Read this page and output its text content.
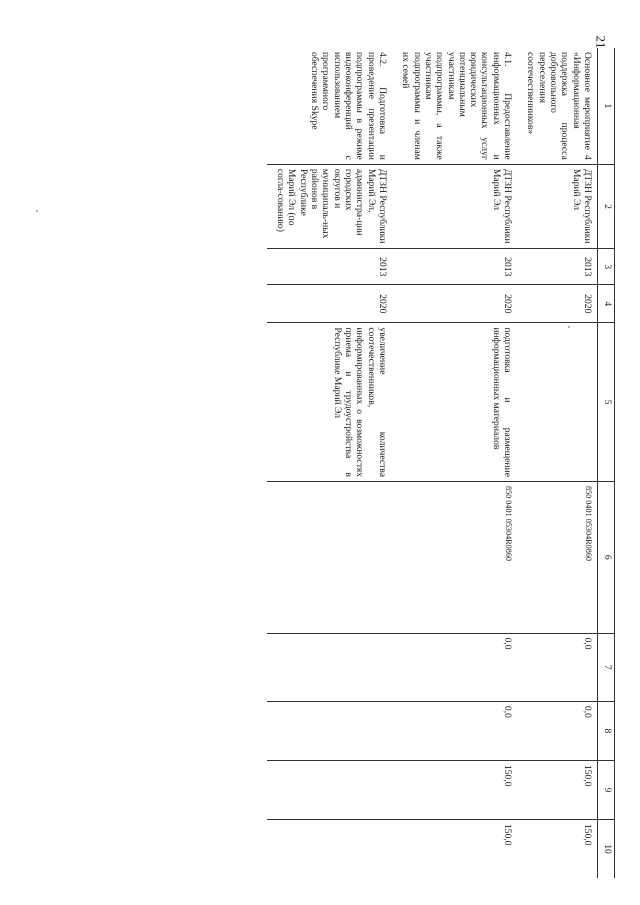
21
1	2	3	4	5	6	7	8	9	10
Основное мероприятие 4 «Информационная поддержка процесса добровольного переселения соотечественников»	ДТЗН Республики Марий Эл	2013	2020		850 0401 05304R0860	0,0	0,0	150,0	150,0
4.1. Предоставление информационных и консультационных услуг юридических потенциальным участникам подпрограммы, а также участникам подпрограммы и членам их семей	ДТЗН Республики Марий Эл	2013	2020	подготовка и размещение информационных материалов	850 0401 05304R0860	0,0	0,0	150,0	150,0
4.2. Подготовка и проведение презентации подпрограммы в режиме видеоконференций с использованием программного обеспечения Skype	ДТЗН Республики Марий Эл, администра-ции городских округов и муниципаль-ных районов в Республике Марий Эл (по согла-сованию)	2013	2020	увеличение количества соотечественников, информированных о возможностях приема и трудоустройства в Республике Марий Эл					
